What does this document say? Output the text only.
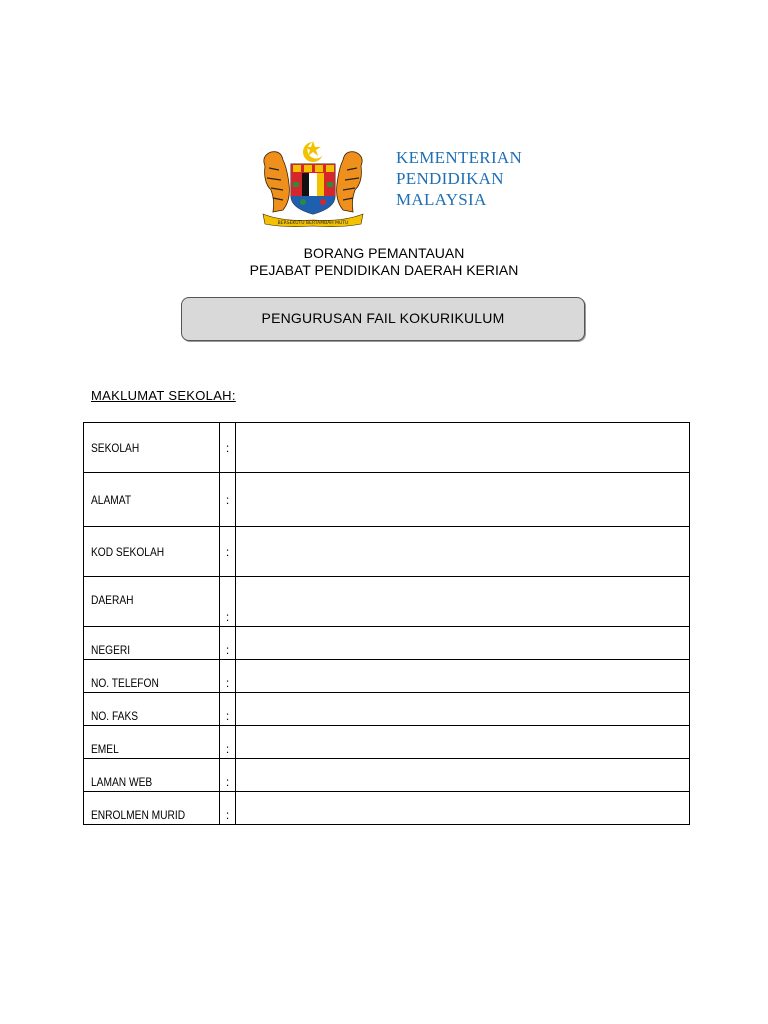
BERSEKUTU BERTAMBAH MUTU
KEMENTERIAN
PENDIDIKAN
MALAYSIA
BORANG PEMANTAUAN
PEJABAT PENDIDIKAN DAERAH KERIAN
PENGURUSAN FAIL KOKURIKULUM
MAKLUMAT SEKOLAH:
SEKOLAH	:	

ALAMAT	:	

KOD SEKOLAH	:	

DAERAH	:	

NEGERI	:	

NO. TELEFON	:	

NO. FAKS	:	

EMEL	:	

LAMAN WEB	:	

ENROLMEN MURID	:	
